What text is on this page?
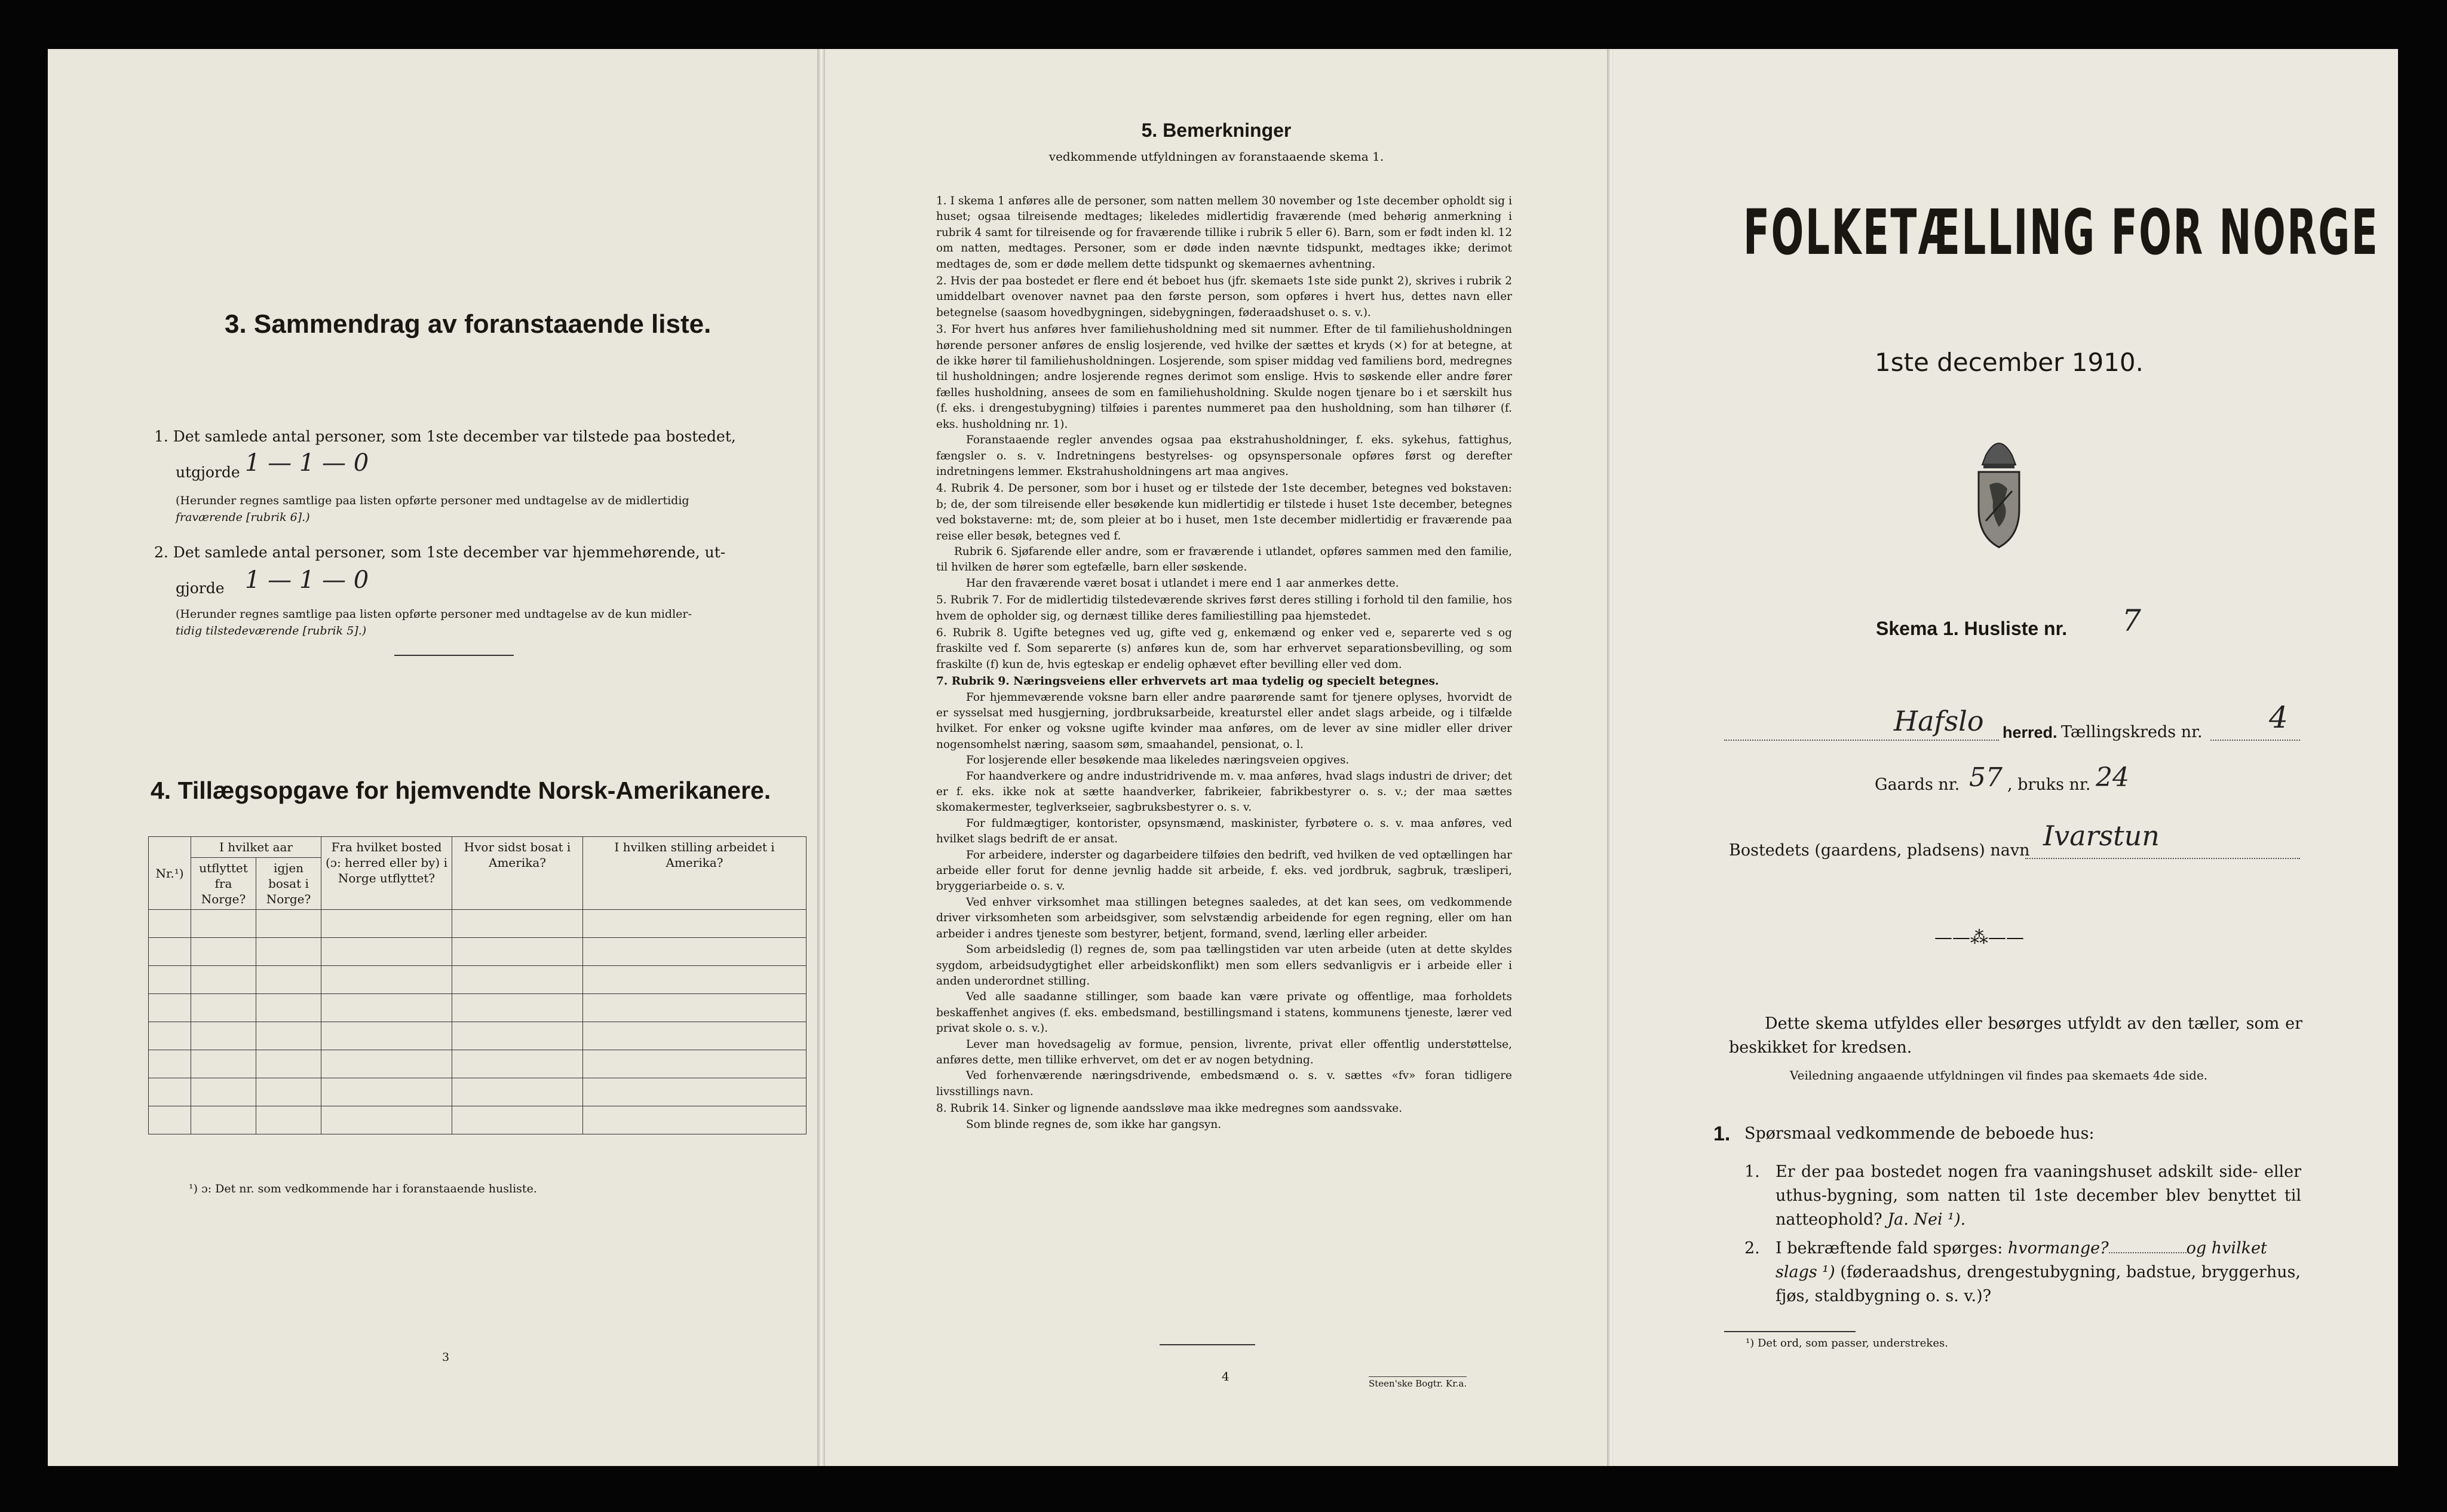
3. Sammendrag av foranstaaende liste.
1. Det samlede antal personer, som 1ste december var tilstede paa bostedet,
utgjorde 1 — 1 — 0
(Herunder regnes samtlige paa listen opførte personer med undtagelse av de midlertidig
fraværende [rubrik 6].)
2. Det samlede antal personer, som 1ste december var hjemmehørende, ut-
gjorde 1 — 1 — 0
(Herunder regnes samtlige paa listen opførte personer med undtagelse av de kun midler-
tidig tilstedeværende [rubrik 5].)
4. Tillægsopgave for hjemvendte Norsk-Amerikanere.
Nr.¹)	I hvilket aar		Fra hvilket bosted (ɔ: herred eller by) i Norge utflyttet?	Hvor sidst bosat i Amerika?	I hvilken stilling arbeidet i Amerika?
	utflyttet fra Norge?	igjen bosat i Norge?			

¹) ɔ: Det nr. som vedkommende har i foranstaaende husliste.
3
5. Bemerkninger
vedkommende utfyldningen av foranstaaende skema 1.

1. I skema 1 anføres alle de personer, som natten mellem 30 november og 1ste december opholdt sig i huset; ogsaa tilreisende medtages; likeledes midlertidig fraværende (med behørig anmerkning i rubrik 4 samt for tilreisende og for fraværende tillike i rubrik 5 eller 6). Barn, som er født inden kl. 12 om natten, medtages. Personer, som er døde inden nævnte tidspunkt, medtages ikke; derimot medtages de, som er døde mellem dette tidspunkt og skemaernes avhentning.

2. Hvis der paa bostedet er flere end ét beboet hus (jfr. skemaets 1ste side punkt 2), skrives i rubrik 2 umiddelbart ovenover navnet paa den første person, som opføres i hvert hus, dettes navn eller betegnelse (saasom hovedbygningen, sidebygningen, føderaadshuset o. s. v.).

3. For hvert hus anføres hver familiehusholdning med sit nummer. Efter de til familiehusholdningen hørende personer anføres de enslig losjerende, ved hvilke der sættes et kryds (×) for at betegne, at de ikke hører til familiehusholdningen. Losjerende, som spiser middag ved familiens bord, medregnes til husholdningen; andre losjerende regnes derimot som enslige. Hvis to søskende eller andre fører fælles husholdning, ansees de som en familiehusholdning. Skulde nogen tjenare bo i et særskilt hus (f. eks. i drengestubygning) tilføies i parentes nummeret paa den husholdning, som han tilhører (f. eks. husholdning nr. 1).

Foranstaaende regler anvendes ogsaa paa ekstrahusholdninger, f. eks. sykehus, fattighus, fængsler o. s. v. Indretningens bestyrelses- og opsynspersonale opføres først og derefter indretningens lemmer. Ekstrahusholdningens art maa angives.

4. Rubrik 4. De personer, som bor i huset og er tilstede der 1ste december, betegnes ved bokstaven: b; de, der som tilreisende eller besøkende kun midlertidig er tilstede i huset 1ste december, betegnes ved bokstaverne: mt; de, som pleier at bo i huset, men 1ste december midlertidig er fraværende paa reise eller besøk, betegnes ved f.

Rubrik 6. Sjøfarende eller andre, som er fraværende i utlandet, opføres sammen med den familie, til hvilken de hører som egtefælle, barn eller søskende.

Har den fraværende været bosat i utlandet i mere end 1 aar anmerkes dette.

5. Rubrik 7. For de midlertidig tilstedeværende skrives først deres stilling i forhold til den familie, hos hvem de opholder sig, og dernæst tillike deres familiestilling paa hjemstedet.

6. Rubrik 8. Ugifte betegnes ved ug, gifte ved g, enkemænd og enker ved e, separerte ved s og fraskilte ved f. Som separerte (s) anføres kun de, som har erhvervet separationsbevilling, og som fraskilte (f) kun de, hvis egteskap er endelig ophævet efter bevilling eller ved dom.

7. Rubrik 9. Næringsveiens eller erhvervets art maa tydelig og specielt betegnes.

For hjemmeværende voksne barn eller andre paarørende samt for tjenere oplyses, hvorvidt de er sysselsat med husgjerning, jordbruksarbeide, kreaturstel eller andet slags arbeide, og i tilfælde hvilket. For enker og voksne ugifte kvinder maa anføres, om de lever av sine midler eller driver nogensomhelst næring, saasom søm, smaahandel, pensionat, o. l.

For losjerende eller besøkende maa likeledes næringsveien opgives.

For haandverkere og andre industridrivende m. v. maa anføres, hvad slags industri de driver; det er f. eks. ikke nok at sætte haandverker, fabrikeier, fabrikbestyrer o. s. v.; der maa sættes skomakermester, teglverkseier, sagbruksbestyrer o. s. v.

For fuldmægtiger, kontorister, opsynsmænd, maskinister, fyrbøtere o. s. v. maa anføres, ved hvilket slags bedrift de er ansat.

For arbeidere, inderster og dagarbeidere tilføies den bedrift, ved hvilken de ved optællingen har arbeide eller forut for denne jevnlig hadde sit arbeide, f. eks. ved jordbruk, sagbruk, træsliperi, bryggeriarbeide o. s. v.

Ved enhver virksomhet maa stillingen betegnes saaledes, at det kan sees, om vedkommende driver virksomheten som arbeidsgiver, som selvstændig arbeidende for egen regning, eller om han arbeider i andres tjeneste som bestyrer, betjent, formand, svend, lærling eller arbeider.

Som arbeidsledig (l) regnes de, som paa tællingstiden var uten arbeide (uten at dette skyldes sygdom, arbeidsudygtighet eller arbeidskonflikt) men som ellers sedvanligvis er i arbeide eller i anden underordnet stilling.

Ved alle saadanne stillinger, som baade kan være private og offentlige, maa forholdets beskaffenhet angives (f. eks. embedsmand, bestillingsmand i statens, kommunens tjeneste, lærer ved privat skole o. s. v.).

Lever man hovedsagelig av formue, pension, livrente, privat eller offentlig understøttelse, anføres dette, men tillike erhvervet, om det er av nogen betydning.

Ved forhenværende næringsdrivende, embedsmænd o. s. v. sættes «fv» foran tidligere livsstillings navn.

8. Rubrik 14. Sinker og lignende aandssløve maa ikke medregnes som aandssvake.

Som blinde regnes de, som ikke har gangsyn.

4	Steen'ske Bogtr. Kr.a.
FOLKETÆLLING FOR NORGE
1ste december 1910.
Skema 1. Husliste nr. 7
Hafslo herred. Tællingskreds nr. 4
Gaards nr. 57 , bruks nr. 24
Bostedets (gaardens, pladsens) navn Ivarstun
——⁂——
Dette skema utfyldes eller besørges utfyldt av den tæller, som er beskikket for kredsen.
Veiledning angaaende utfyldningen vil findes paa skemaets 4de side.
1. Spørsmaal vedkommende de beboede hus:
1. Er der paa bostedet nogen fra vaaningshuset adskilt side- eller uthus-bygning, som natten til 1ste december blev benyttet til natteophold? Ja. Nei ¹).
2. I bekræftende fald spørges: hvormange?	og hvilket slags ¹) (føderaadshus, drengestubygning, badstue, bryggerhus, fjøs, staldbygning o. s. v.)?
¹) Det ord, som passer, understrekes.
